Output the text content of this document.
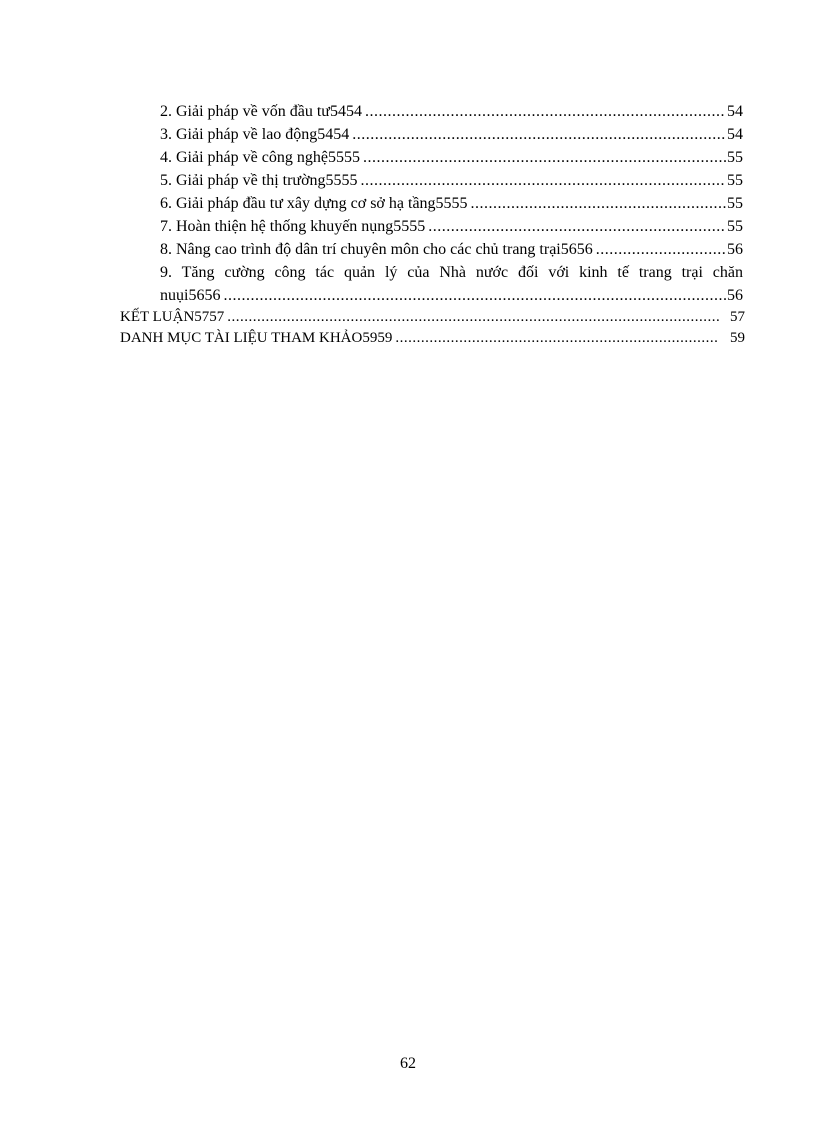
2. Giải pháp về vốn đầu tư5454 .....	54
3. Giải pháp về lao động5454 .....	54
4. Giải pháp về công nghệ5555 .....	55
5. Giải pháp về thị trường5555 .....	55
6. Giải pháp đầu tư xây dựng cơ sở hạ tầng5555 .....	55
7. Hoàn thiện hệ thống khuyến nụng5555 .....	55
8. Nâng cao trình độ dân trí chuyên môn cho các chủ trang trại5656 .....	56
9. Tăng cường công tác quản lý của Nhà nước đối với kinh tế trang trại chăn
nuụi5656 .....	56
KẾT LUẬN5757 .....	57
DANH MỤC TÀI LIỆU THAM KHẢO5959 .....	59
62
